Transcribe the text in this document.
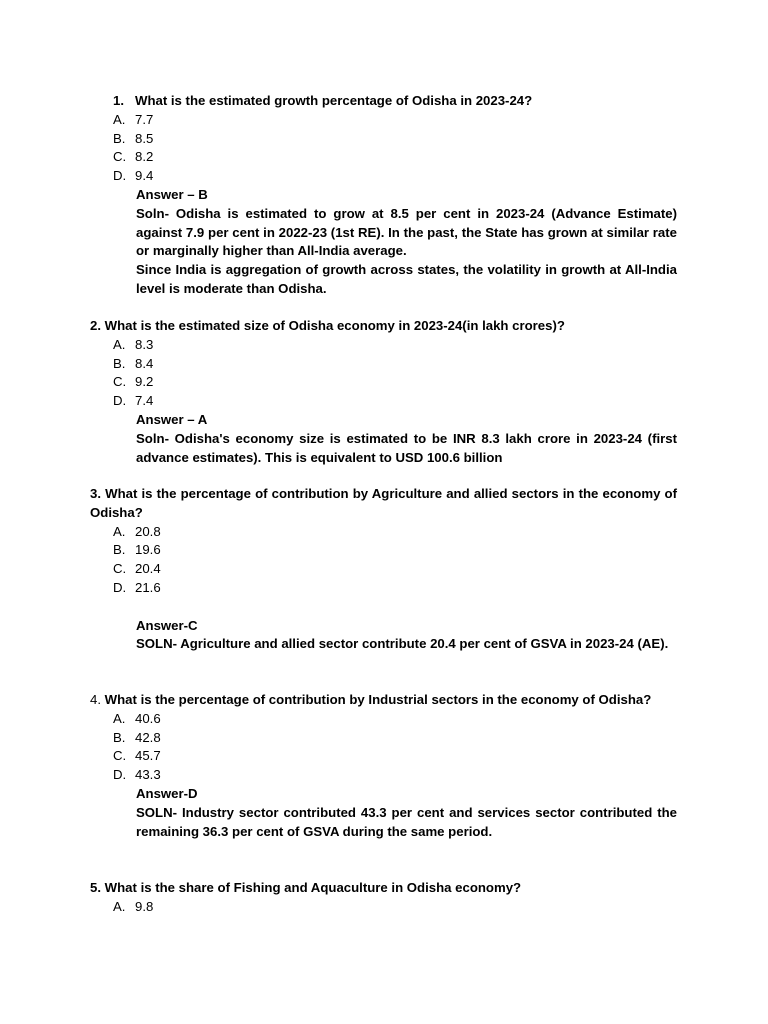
1. What is the estimated growth percentage of Odisha in 2023-24?
A. 7.7
B. 8.5
C. 8.2
D. 9.4
Answer – B
Soln- Odisha is estimated to grow at 8.5 per cent in 2023-24 (Advance Estimate) against 7.9 per cent in 2022-23 (1st RE). In the past, the State has grown at similar rate or marginally higher than All-India average.
Since India is aggregation of growth across states, the volatility in growth at All-India level is moderate than Odisha.
2. What is the estimated size of Odisha economy in 2023-24(in lakh crores)?
A. 8.3
B. 8.4
C. 9.2
D. 7.4
Answer – A
Soln- Odisha's economy size is estimated to be INR 8.3 lakh crore in 2023-24 (first advance estimates). This is equivalent to USD 100.6 billion
3. What is the percentage of contribution by Agriculture and allied sectors in the economy of Odisha?
A. 20.8
B. 19.6
C. 20.4
D. 21.6
Answer-C
SOLN- Agriculture and allied sector contribute 20.4 per cent of GSVA in 2023-24 (AE).
4. What is the percentage of contribution by Industrial sectors in the economy of Odisha?
A. 40.6
B. 42.8
C. 45.7
D. 43.3
Answer-D
SOLN- Industry sector contributed 43.3 per cent and services sector contributed the remaining 36.3 per cent of GSVA during the same period.
5. What is the share of Fishing and Aquaculture in Odisha economy?
A. 9.8
